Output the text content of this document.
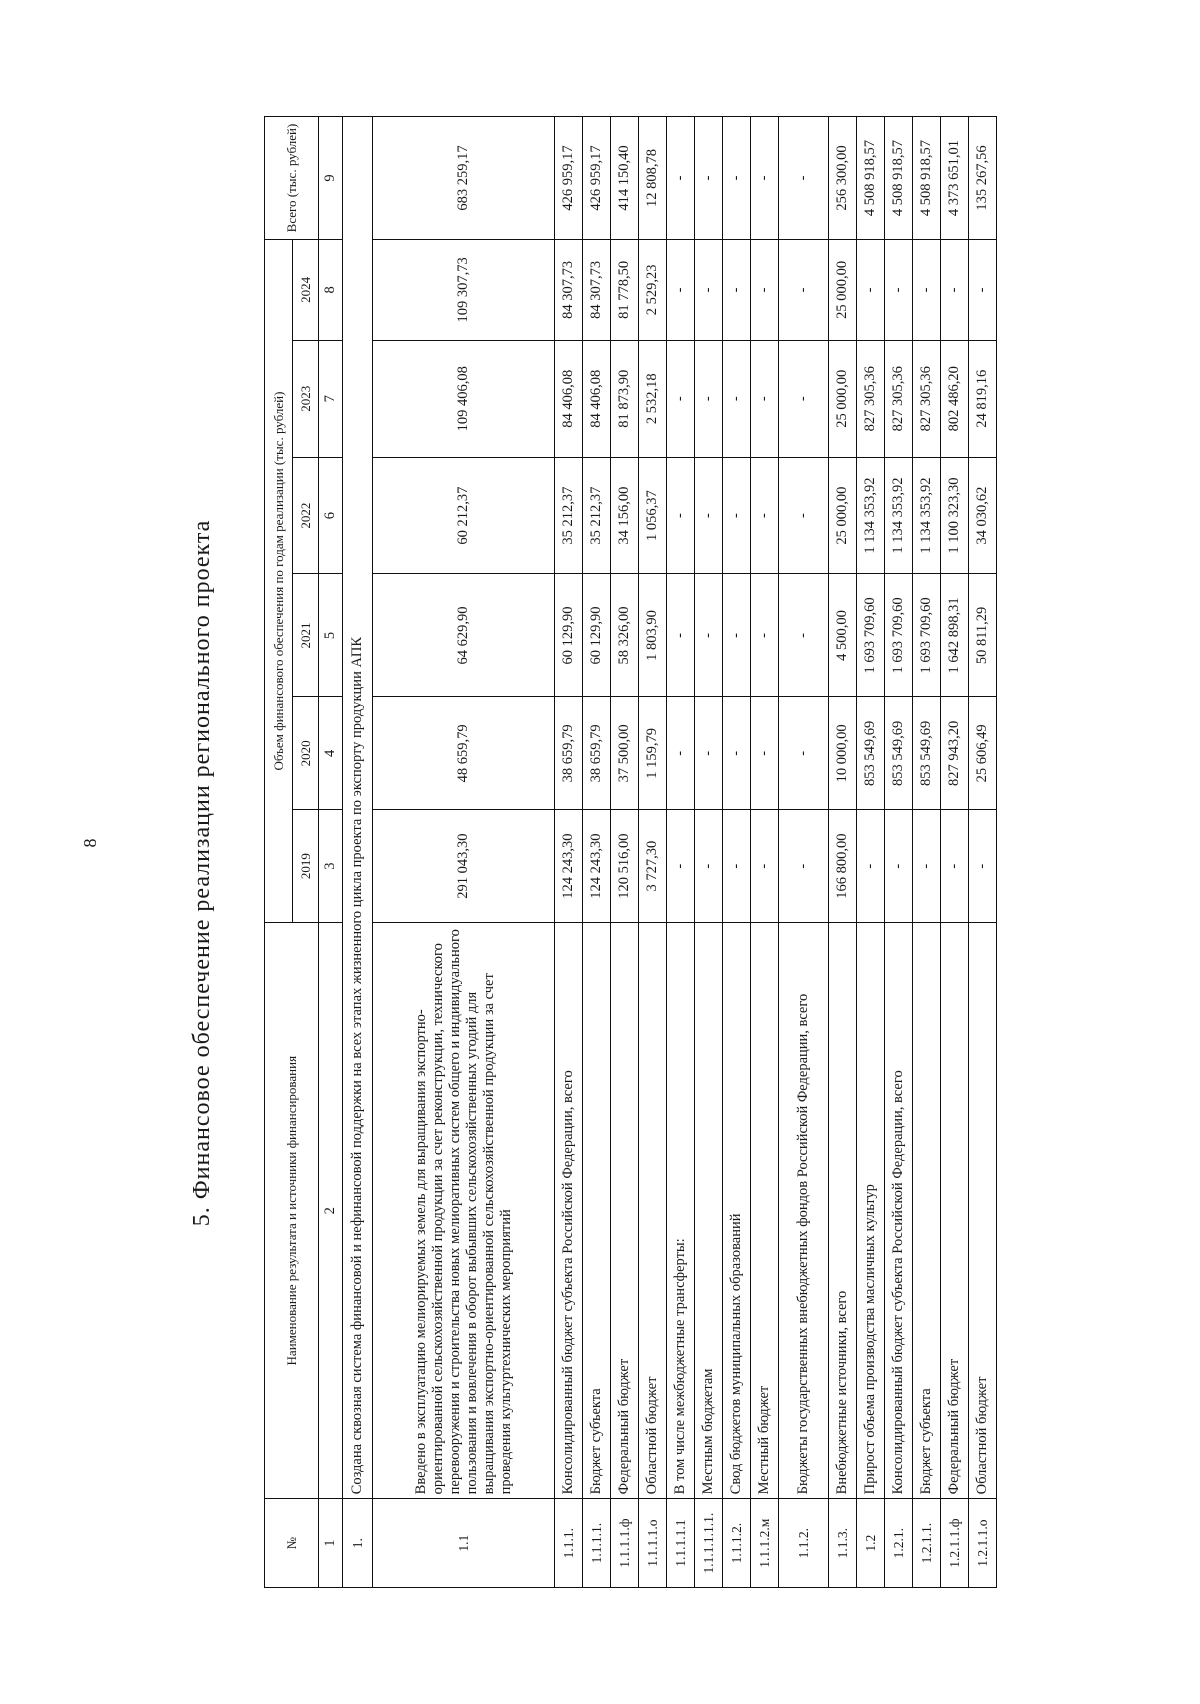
8	5. Финансовое обеспечение реализации регионального проекта
№	Наименование результата и источники финансирования	Объем финансового обеспечения по годам реализации (тыс. рублей)						Всего (тыс. рублей)
		2019	2020	2021	2022	2023	2024	
1	2	3	4	5	6	7	8	9
1.	Создана сквозная система финансовой и нефинансовой поддержки на всех этапах жизненного цикла проекта по экспорту продукции АПК							
1.1	Введено в эксплуатацию мелиорируемых земель для выращивания экспортно-ориентированной сельскохозяйственной продукции за счет реконструкции, технического перевооружения и строительства новых мелиоративных систем общего и индивидуального пользования и вовлечения в оборот выбывших сельскохозяйственных угодий для выращивания экспортно-ориентированной сельскохозяйственной продукции за счет проведения культуртехнических мероприятий	291 043,30	48 659,79	64 629,90	60 212,37	109 406,08	109 307,73	683 259,17
1.1.1.	Консолидированный бюджет субъекта Российской Федерации, всего	124 243,30	38 659,79	60 129,90	35 212,37	84 406,08	84 307,73	426 959,17
1.1.1.1.	Бюджет субъекта	124 243,30	38 659,79	60 129,90	35 212,37	84 406,08	84 307,73	426 959,17
1.1.1.1.ф	Федеральный бюджет	120 516,00	37 500,00	58 326,00	34 156,00	81 873,90	81 778,50	414 150,40
1.1.1.1.о	Областной бюджет	3 727,30	1 159,79	1 803,90	1 056,37	2 532,18	2 529,23	12 808,78
1.1.1.1.1	В том числе межбюджетные трансферты:	-	-	-	-	-	-	-
1.1.1.1.1.1.	Местным бюджетам	-	-	-	-	-	-	-
1.1.1.2.	Свод бюджетов муниципальных образований	-	-	-	-	-	-	-
1.1.1.2.м	Местный бюджет	-	-	-	-	-	-	-
1.1.2.	Бюджеты государственных внебюджетных фондов Российской Федерации, всего	-	-	-	-	-	-	-
1.1.3.	Внебюджетные источники, всего	166 800,00	10 000,00	4 500,00	25 000,00	25 000,00	25 000,00	256 300,00
1.2	Прирост объема производства масличных культур	-	853 549,69	1 693 709,60	1 134 353,92	827 305,36	-	4 508 918,57
1.2.1.	Консолидированный бюджет субъекта Российской Федерации, всего	-	853 549,69	1 693 709,60	1 134 353,92	827 305,36	-	4 508 918,57
1.2.1.1.	Бюджет субъекта	-	853 549,69	1 693 709,60	1 134 353,92	827 305,36	-	4 508 918,57
1.2.1.1.ф	Федеральный бюджет	-	827 943,20	1 642 898,31	1 100 323,30	802 486,20	-	4 373 651,01
1.2.1.1.о	Областной бюджет	-	25 606,49	50 811,29	34 030,62	24 819,16	-	135 267,56
